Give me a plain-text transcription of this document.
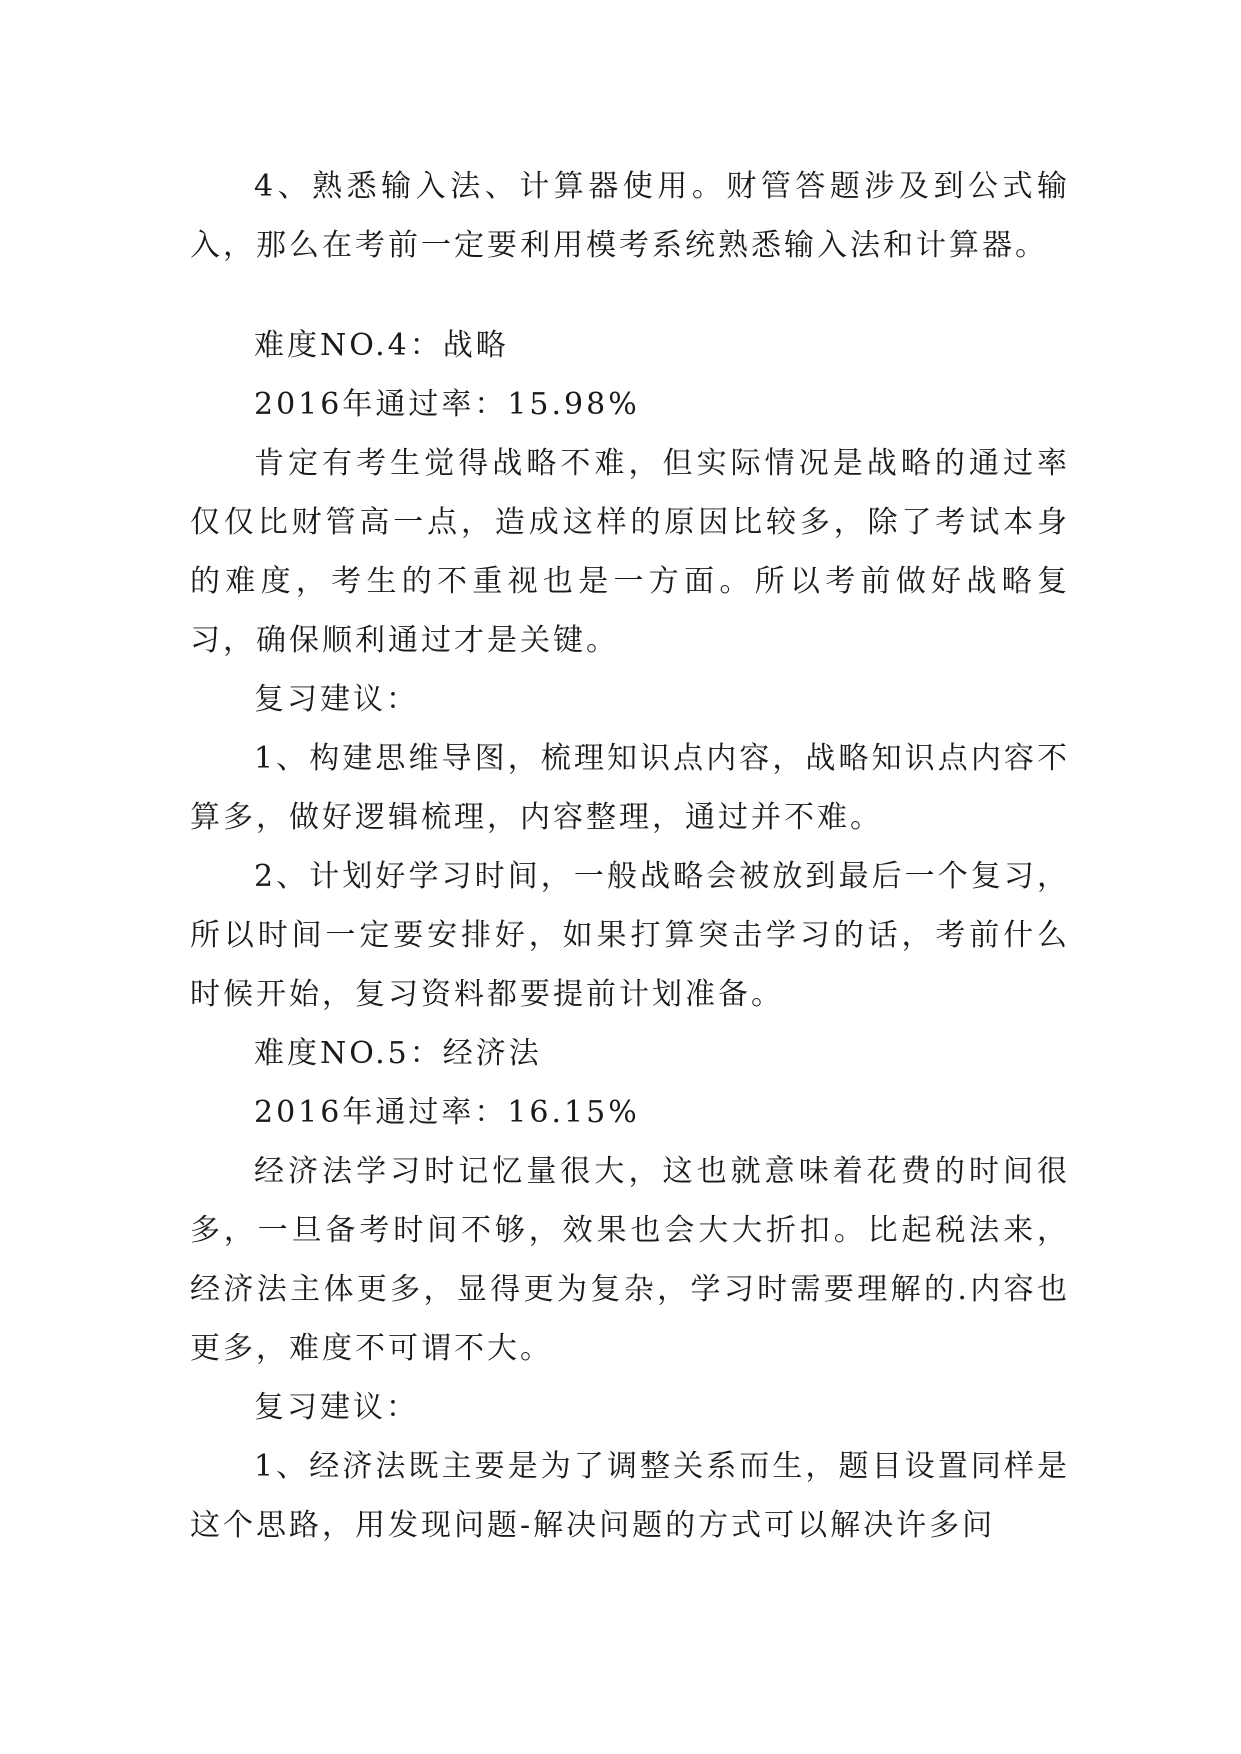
4、熟悉输入法、计算器使用。财管答题涉及到公式输入，那么在考前一定要利用模考系统熟悉输入法和计算器。

难度NO.4：战略

2016年通过率：15.98%

肯定有考生觉得战略不难，但实际情况是战略的通过率仅仅比财管高一点，造成这样的原因比较多，除了考试本身的难度，考生的不重视也是一方面。所以考前做好战略复习，确保顺利通过才是关键。

复习建议：

1、构建思维导图，梳理知识点内容，战略知识点内容不算多，做好逻辑梳理，内容整理，通过并不难。

2、计划好学习时间，一般战略会被放到最后一个复习，所以时间一定要安排好，如果打算突击学习的话，考前什么时候开始，复习资料都要提前计划准备。

难度NO.5：经济法

2016年通过率：16.15%

经济法学习时记忆量很大，这也就意味着花费的时间很多，一旦备考时间不够，效果也会大大折扣。比起税法来，经济法主体更多，显得更为复杂，学习时需要理解的.内容也更多，难度不可谓不大。

复习建议：

1、经济法既主要是为了调整关系而生，题目设置同样是这个思路，用发现问题-解决问题的方式可以解决许多问
